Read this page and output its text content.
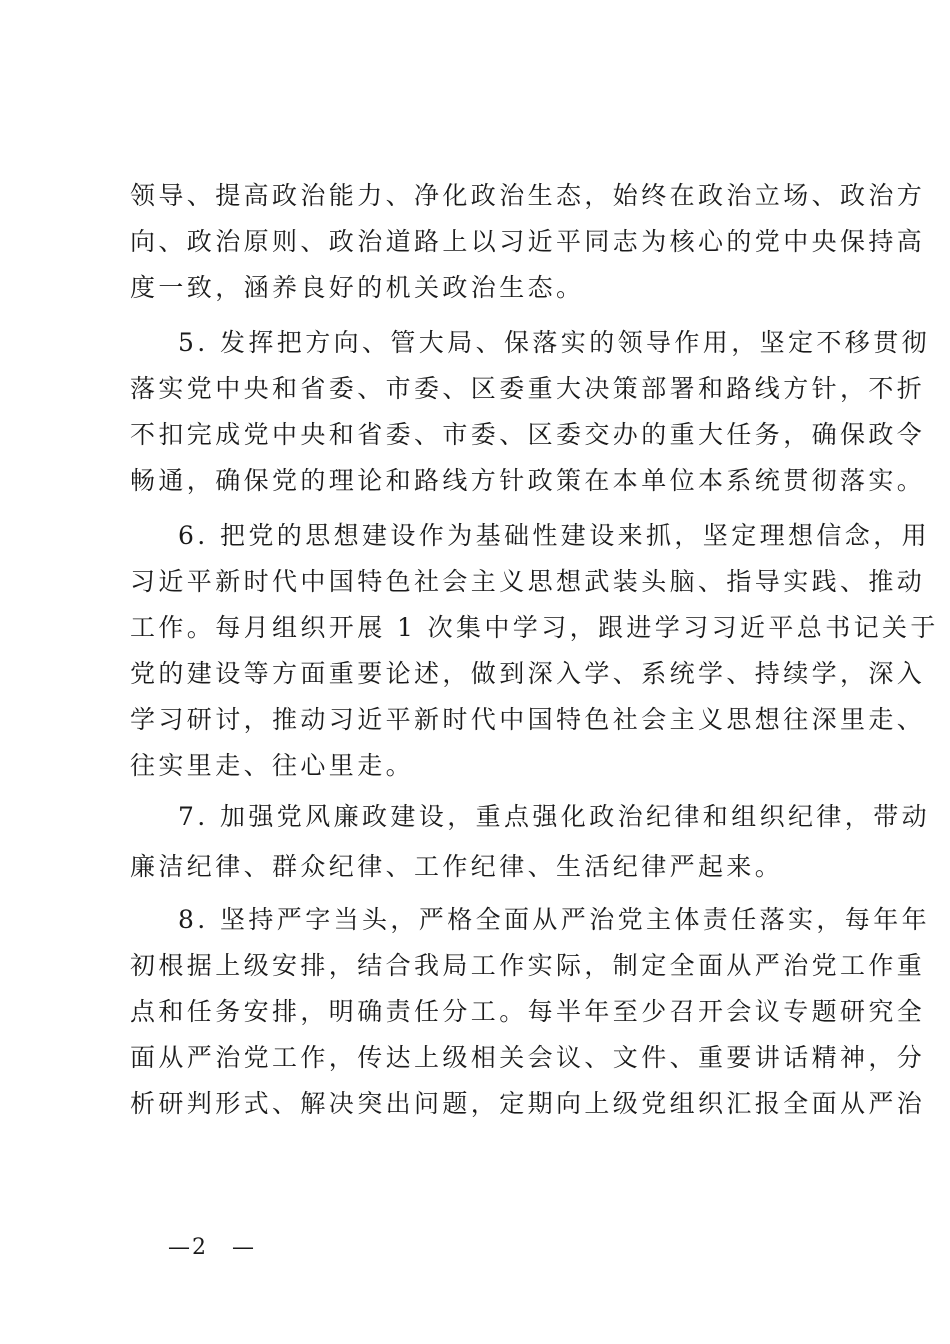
领导、提高政治能力、净化政治生态，始终在政治立场、政治方
向、政治原则、政治道路上以习近平同志为核心的党中央保持高
度一致，涵养良好的机关政治生态。
5. 发挥把方向、管大局、保落实的领导作用，坚定不移贯彻
落实党中央和省委、市委、区委重大决策部署和路线方针，不折
不扣完成党中央和省委、市委、区委交办的重大任务，确保政令
畅通，确保党的理论和路线方针政策在本单位本系统贯彻落实。
6. 把党的思想建设作为基础性建设来抓，坚定理想信念，用
习近平新时代中国特色社会主义思想武装头脑、指导实践、推动
工作。每月组织开展 1 次集中学习，跟进学习习近平总书记关于
党的建设等方面重要论述，做到深入学、系统学、持续学，深入
学习研讨，推动习近平新时代中国特色社会主义思想往深里走、
往实里走、往心里走。
7. 加强党风廉政建设，重点强化政治纪律和组织纪律，带动
廉洁纪律、群众纪律、工作纪律、生活纪律严起来。
8. 坚持严字当头，严格全面从严治党主体责任落实，每年年
初根据上级安排，结合我局工作实际，制定全面从严治党工作重
点和任务安排，明确责任分工。每半年至少召开会议专题研究全
面从严治党工作，传达上级相关会议、文件、重要讲话精神，分
析研判形式、解决突出问题，定期向上级党组织汇报全面从严治
—2　—
